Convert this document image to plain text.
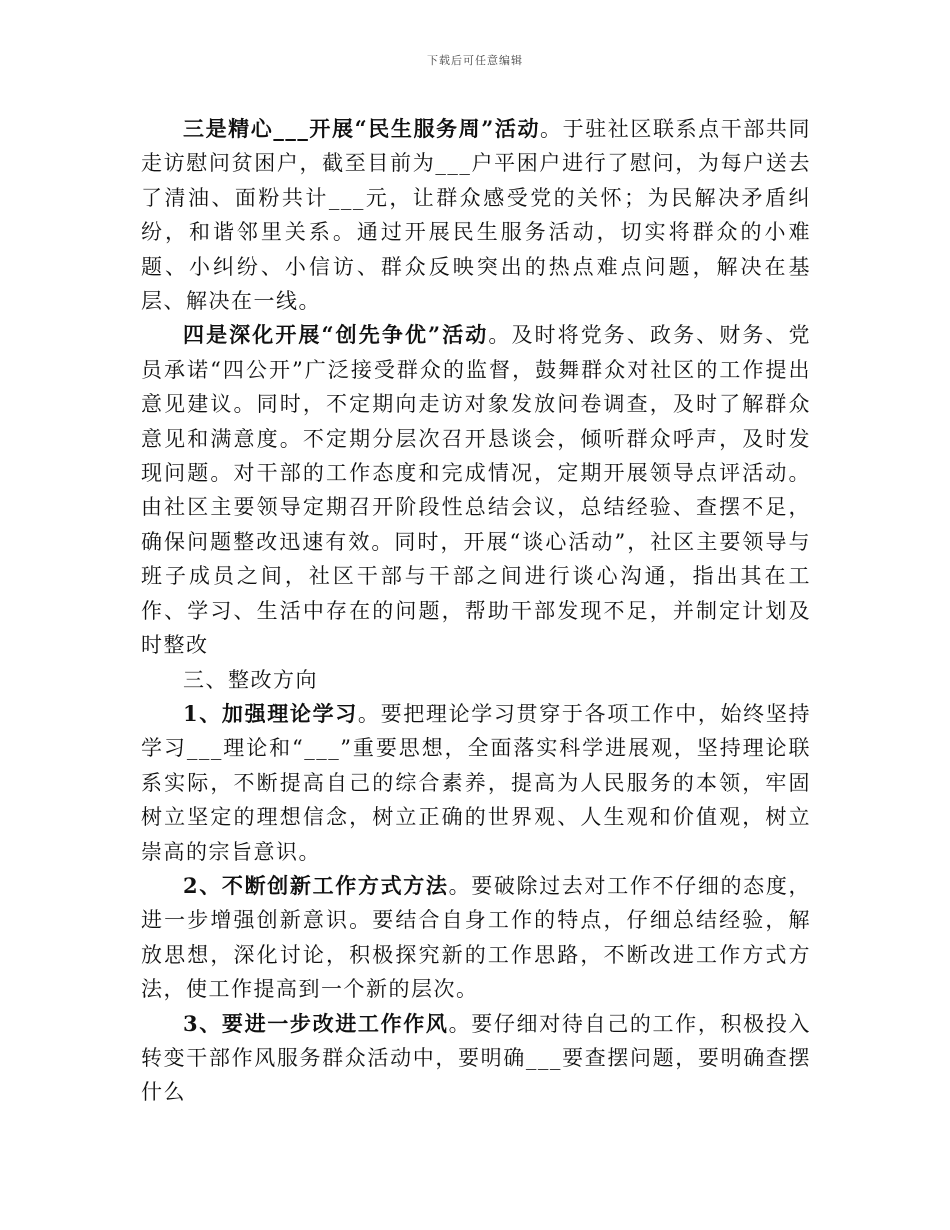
下载后可任意编辑

三是精心___开展“民生服务周”活动。于驻社区联系点干部共同走访慰问贫困户，截至目前为___户平困户进行了慰问，为每户送去了清油、面粉共计___元，让群众感受党的关怀；为民解决矛盾纠纷，和谐邻里关系。通过开展民生服务活动，切实将群众的小难题、小纠纷、小信访、群众反映突出的热点难点问题，解决在基层、解决在一线。

四是深化开展“创先争优”活动。及时将党务、政务、财务、党员承诺“四公开”广泛接受群众的监督，鼓舞群众对社区的工作提出意见建议。同时，不定期向走访对象发放问卷调查，及时了解群众意见和满意度。不定期分层次召开恳谈会，倾听群众呼声，及时发现问题。对干部的工作态度和完成情况，定期开展领导点评活动。由社区主要领导定期召开阶段性总结会议，总结经验、查摆不足，确保问题整改迅速有效。同时，开展“谈心活动”，社区主要领导与班子成员之间，社区干部与干部之间进行谈心沟通，指出其在工作、学习、生活中存在的问题，帮助干部发现不足，并制定计划及时整改

三、整改方向

1、加强理论学习。要把理论学习贯穿于各项工作中，始终坚持学习___理论和“___”重要思想，全面落实科学进展观，坚持理论联系实际，不断提高自己的综合素养，提高为人民服务的本领，牢固树立坚定的理想信念，树立正确的世界观、人生观和价值观，树立崇高的宗旨意识。

2、不断创新工作方式方法。要破除过去对工作不仔细的态度，进一步增强创新意识。要结合自身工作的特点，仔细总结经验，解放思想，深化讨论，积极探究新的工作思路，不断改进工作方式方法，使工作提高到一个新的层次。

3、要进一步改进工作作风。要仔细对待自己的工作，积极投入转变干部作风服务群众活动中，要明确___要查摆问题，要明确查摆什么
